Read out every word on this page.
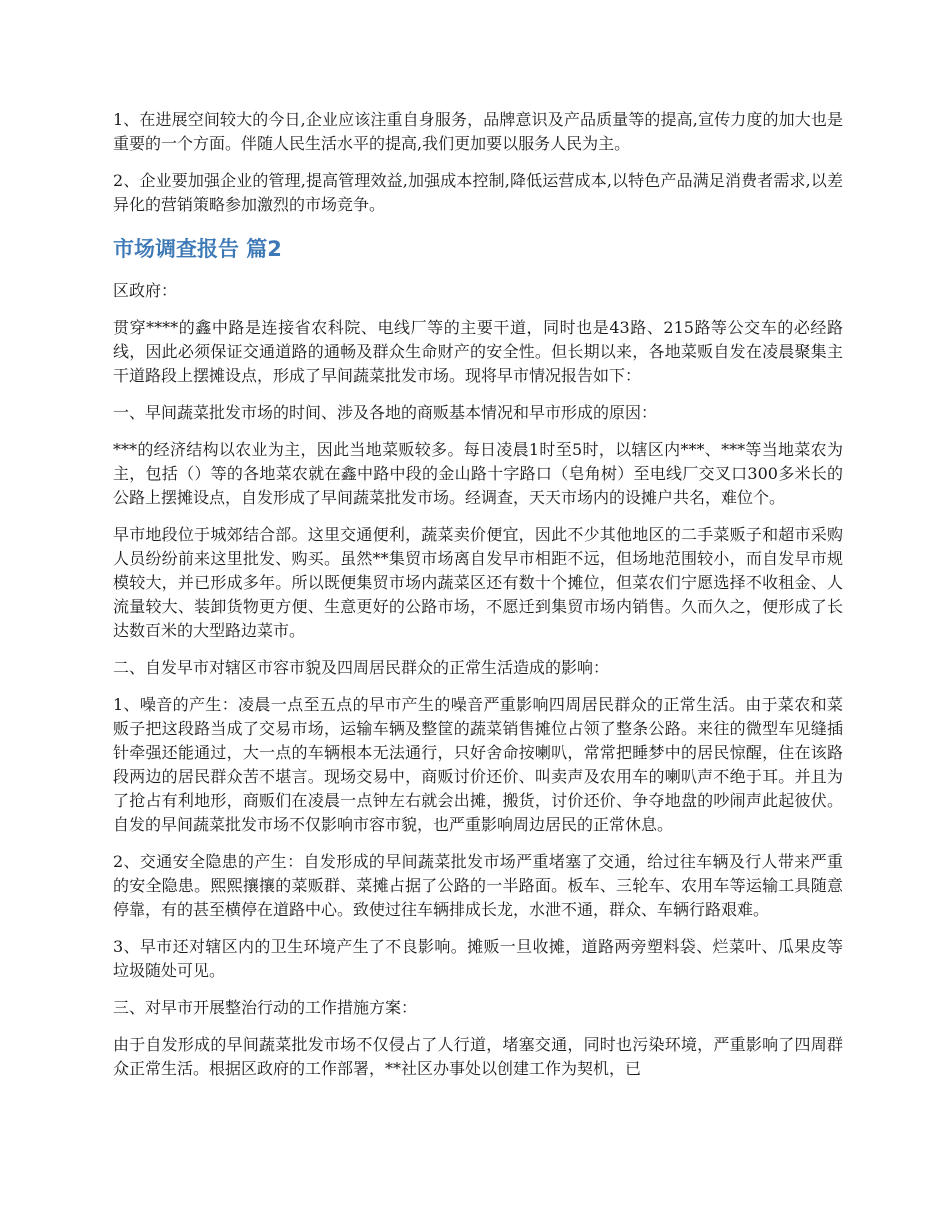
1、在进展空间较大的今日,企业应该注重自身服务，品牌意识及产品质量等的提高,宣传力度的加大也是重要的一个方面。伴随人民生活水平的提高,我们更加要以服务人民为主。

2、企业要加强企业的管理,提高管理效益,加强成本控制,降低运营成本,以特色产品满足消费者需求,以差异化的营销策略参加激烈的市场竞争。

市场调查报告 篇2

区政府：

贯穿****的鑫中路是连接省农科院、电线厂等的主要干道，同时也是43路、215路等公交车的必经路线，因此必须保证交通道路的通畅及群众生命财产的安全性。但长期以来，各地菜贩自发在凌晨聚集主干道路段上摆摊设点，形成了早间蔬菜批发市场。现将早市情况报告如下：

一、早间蔬菜批发市场的时间、涉及各地的商贩基本情况和早市形成的原因：

***的经济结构以农业为主，因此当地菜贩较多。每日凌晨1时至5时，以辖区内***、***等当地菜农为主，包括（）等的各地菜农就在鑫中路中段的金山路十字路口（皂角树）至电线厂交叉口300多米长的公路上摆摊设点，自发形成了早间蔬菜批发市场。经调查，天天市场内的设摊户共名，难位个。

早市地段位于城郊结合部。这里交通便利，蔬菜卖价便宜，因此不少其他地区的二手菜贩子和超市采购人员纷纷前来这里批发、购买。虽然**集贸市场离自发早市相距不远，但场地范围较小，而自发早市规模较大，并已形成多年。所以既便集贸市场内蔬菜区还有数十个摊位，但菜农们宁愿选择不收租金、人流量较大、装卸货物更方便、生意更好的公路市场，不愿迁到集贸市场内销售。久而久之，便形成了长达数百米的大型路边菜市。

二、自发早市对辖区市容市貌及四周居民群众的正常生活造成的影响：

1、噪音的产生：凌晨一点至五点的早市产生的噪音严重影响四周居民群众的正常生活。由于菜农和菜贩子把这段路当成了交易市场，运输车辆及整筐的蔬菜销售摊位占领了整条公路。来往的微型车见缝插针牵强还能通过，大一点的车辆根本无法通行，只好舍命按喇叭，常常把睡梦中的居民惊醒，住在该路段两边的居民群众苦不堪言。现场交易中，商贩讨价还价、叫卖声及农用车的喇叭声不绝于耳。并且为了抢占有利地形，商贩们在凌晨一点钟左右就会出摊，搬货，讨价还价、争夺地盘的吵闹声此起彼伏。自发的早间蔬菜批发市场不仅影响市容市貌，也严重影响周边居民的正常休息。

2、交通安全隐患的产生：自发形成的早间蔬菜批发市场严重堵塞了交通，给过往车辆及行人带来严重的安全隐患。熙熙攘攘的菜贩群、菜摊占据了公路的一半路面。板车、三轮车、农用车等运输工具随意停靠，有的甚至横停在道路中心。致使过往车辆排成长龙，水泄不通，群众、车辆行路艰难。

3、早市还对辖区内的卫生环境产生了不良影响。摊贩一旦收摊，道路两旁塑料袋、烂菜叶、瓜果皮等垃圾随处可见。

三、对早市开展整治行动的工作措施方案：

由于自发形成的早间蔬菜批发市场不仅侵占了人行道，堵塞交通，同时也污染环境，严重影响了四周群众正常生活。根据区政府的工作部署，**社区办事处以创建工作为契机，已
